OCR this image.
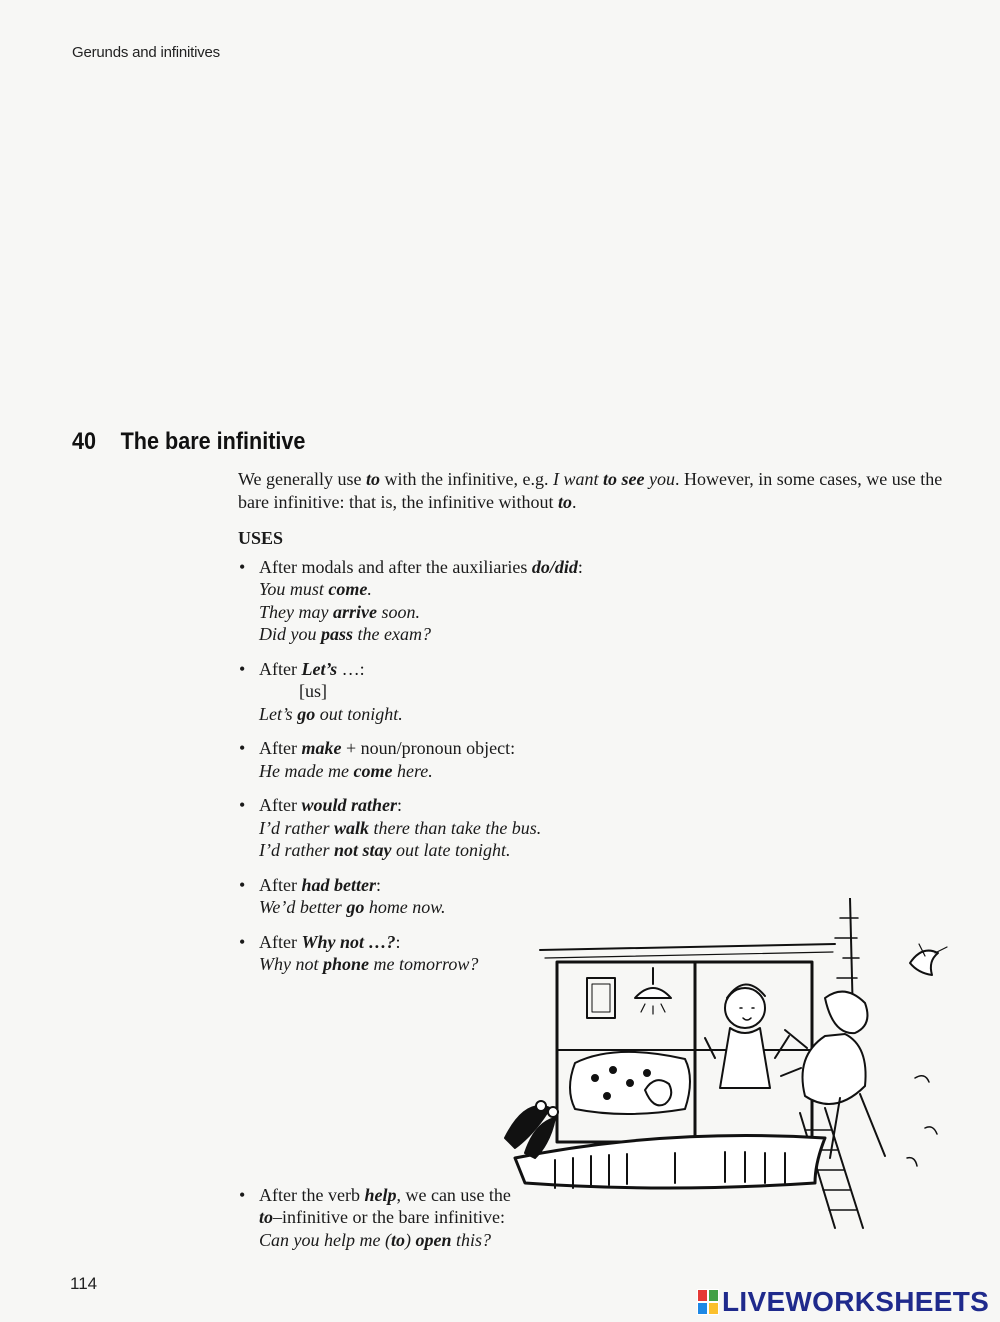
Gerunds and infinitives
40 The bare infinitive

We generally use to with the infinitive, e.g. I want to see you. However, in some cases, we use the bare infinitive: that is, the infinitive without to.

USES
• After modals and after the auxiliaries do/did:
You must come.
They may arrive soon.
Did you pass the exam?
• After Let’s …:
[us]
Let’s go out tonight.
• After make + noun/pronoun object:
He made me come here.
• After would rather:
I’d rather walk there than take the bus.
I’d rather not stay out late tonight.
• After had better:
We’d better go home now.
• After Why not …?:
Why not phone me tomorrow?
• After the verb help, we can use the
to–infinitive or the bare infinitive:
Can you help me (to) open this?
114
LIVEWORKSHEETS
